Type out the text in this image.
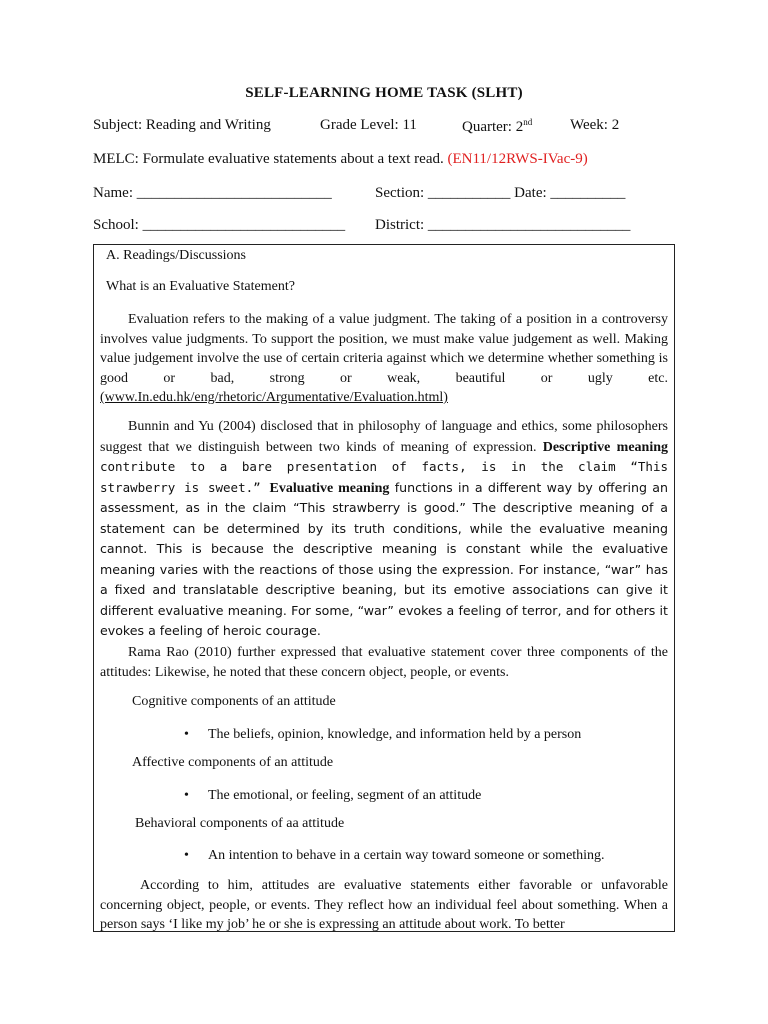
SELF-LEARNING HOME TASK (SLHT)
Subject: Reading and Writing	Grade Level: 11	Quarter: 2nd	Week: 2
MELC: Formulate evaluative statements about a text read. (EN11/12RWS-IVac-9)
Name: __________________________	Section: ___________ Date: __________
School: ___________________________ District: ___________________________
A. Readings/Discussions
What is an Evaluative Statement?

Evaluation refers to the making of a value judgment. The taking of a position in a controversy involves value judgments. To support the position, we must make value judgement as well. Making value judgement involve the use of certain criteria against which we determine whether something is good or bad, strong or weak, beautiful or ugly etc. (www.In.edu.hk/eng/rhetoric/Argumentative/Evaluation.html)

Bunnin and Yu (2004) disclosed that in philosophy of language and ethics, some philosophers suggest that we distinguish between two kinds of meaning of expression. Descriptive meaning contribute to a bare presentation of facts, is in the claim “This strawberry is sweet.” Evaluative meaning functions in a different way by offering an assessment, as in the claim “This strawberry is good.” The descriptive meaning of a statement can be determined by its truth conditions, while the evaluative meaning cannot. This is because the descriptive meaning is constant while the evaluative meaning varies with the reactions of those using the expression. For instance, “war” has a fixed and translatable descriptive beaning, but its emotive associations can give it different evaluative meaning. For some, “war” evokes a feeling of terror, and for others it evokes a feeling of heroic courage.

Rama Rao (2010) further expressed that evaluative statement cover three components of the attitudes: Likewise, he noted that these concern object, people, or events.

Cognitive components of an attitude
• The beliefs, opinion, knowledge, and information held by a person
Affective components of an attitude
• The emotional, or feeling, segment of an attitude
Behavioral components of aa attitude
• An intention to behave in a certain way toward someone or something.

According to him, attitudes are evaluative statements either favorable or unfavorable concerning object, people, or events. They reflect how an individual feel about something. When a person says ‘I like my job’ he or she is expressing an attitude about work. To better
